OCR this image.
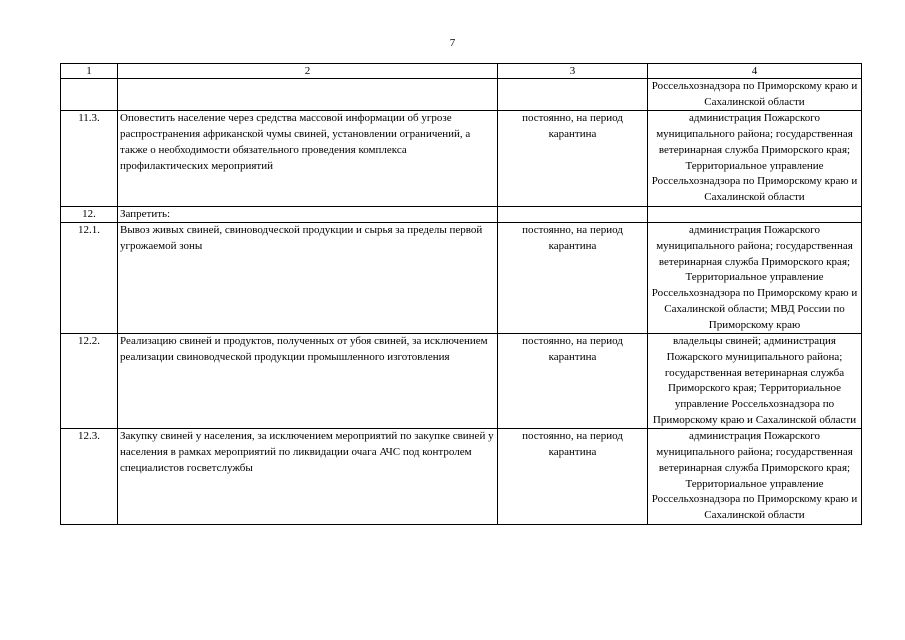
7
1	2	3	4
			Россельхознадзора по Приморскому краю и Сахалинской области
11.3.	Оповестить население через средства массовой информации об угрозе распространения африканской чумы свиней, установлении ограничений, а также о необходимости обязательного проведения комплекса профилактических мероприятий	постоянно, на период карантина	администрация Пожарского муниципального района; государственная ветеринарная служба Приморского края; Территориальное управление Россельхознадзора по Приморскому краю и Сахалинской области
12.	Запретить:		
12.1.	Вывоз живых свиней, свиноводческой продукции и сырья за пределы первой угрожаемой зоны	постоянно, на период карантина	администрация Пожарского муниципального района; государственная ветеринарная служба Приморского края; Территориальное управление Россельхознадзора по Приморскому краю и Сахалинской области; МВД России по Приморскому краю
12.2.	Реализацию свиней и продуктов, полученных от убоя свиней, за исключением реализации свиноводческой продукции промышленного изготовления	постоянно, на период карантина	владельцы свиней; администрация Пожарского муниципального района; государственная ветеринарная служба Приморского края; Территориальное управление Россельхознадзора по Приморскому краю и Сахалинской области
12.3.	Закупку свиней у населения, за исключением мероприятий по закупке свиней у населения в рамках мероприятий по ликвидации очага АЧС под контролем специалистов госветслужбы	постоянно, на период карантина	администрация Пожарского муниципального района; государственная ветеринарная служба Приморского края; Территориальное управление Россельхознадзора по Приморскому краю и Сахалинской области
